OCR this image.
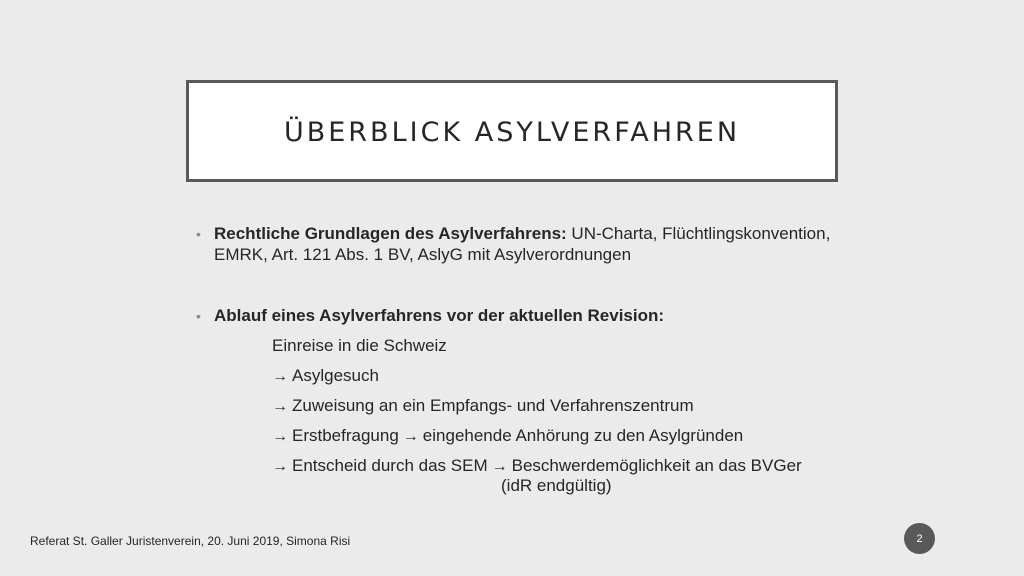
ÜBERBLICK ASYLVERFAHREN
• Rechtliche Grundlagen des Asylverfahrens: UN-Charta, Flüchtlingskonvention,
EMRK, Art. 121 Abs. 1 BV, AslyG mit Asylverordnungen
• Ablauf eines Asylverfahrens vor der aktuellen Revision:
Einreise in die Schweiz
→ Asylgesuch
→ Zuweisung an ein Empfangs- und Verfahrenszentrum
→ Erstbefragung → eingehende Anhörung zu den Asylgründen
→ Entscheid durch das SEM → Beschwerdemöglichkeit an das BVGer
(idR endgültig)
Referat St. Galler Juristenverein, 20. Juni 2019, Simona Risi	2
